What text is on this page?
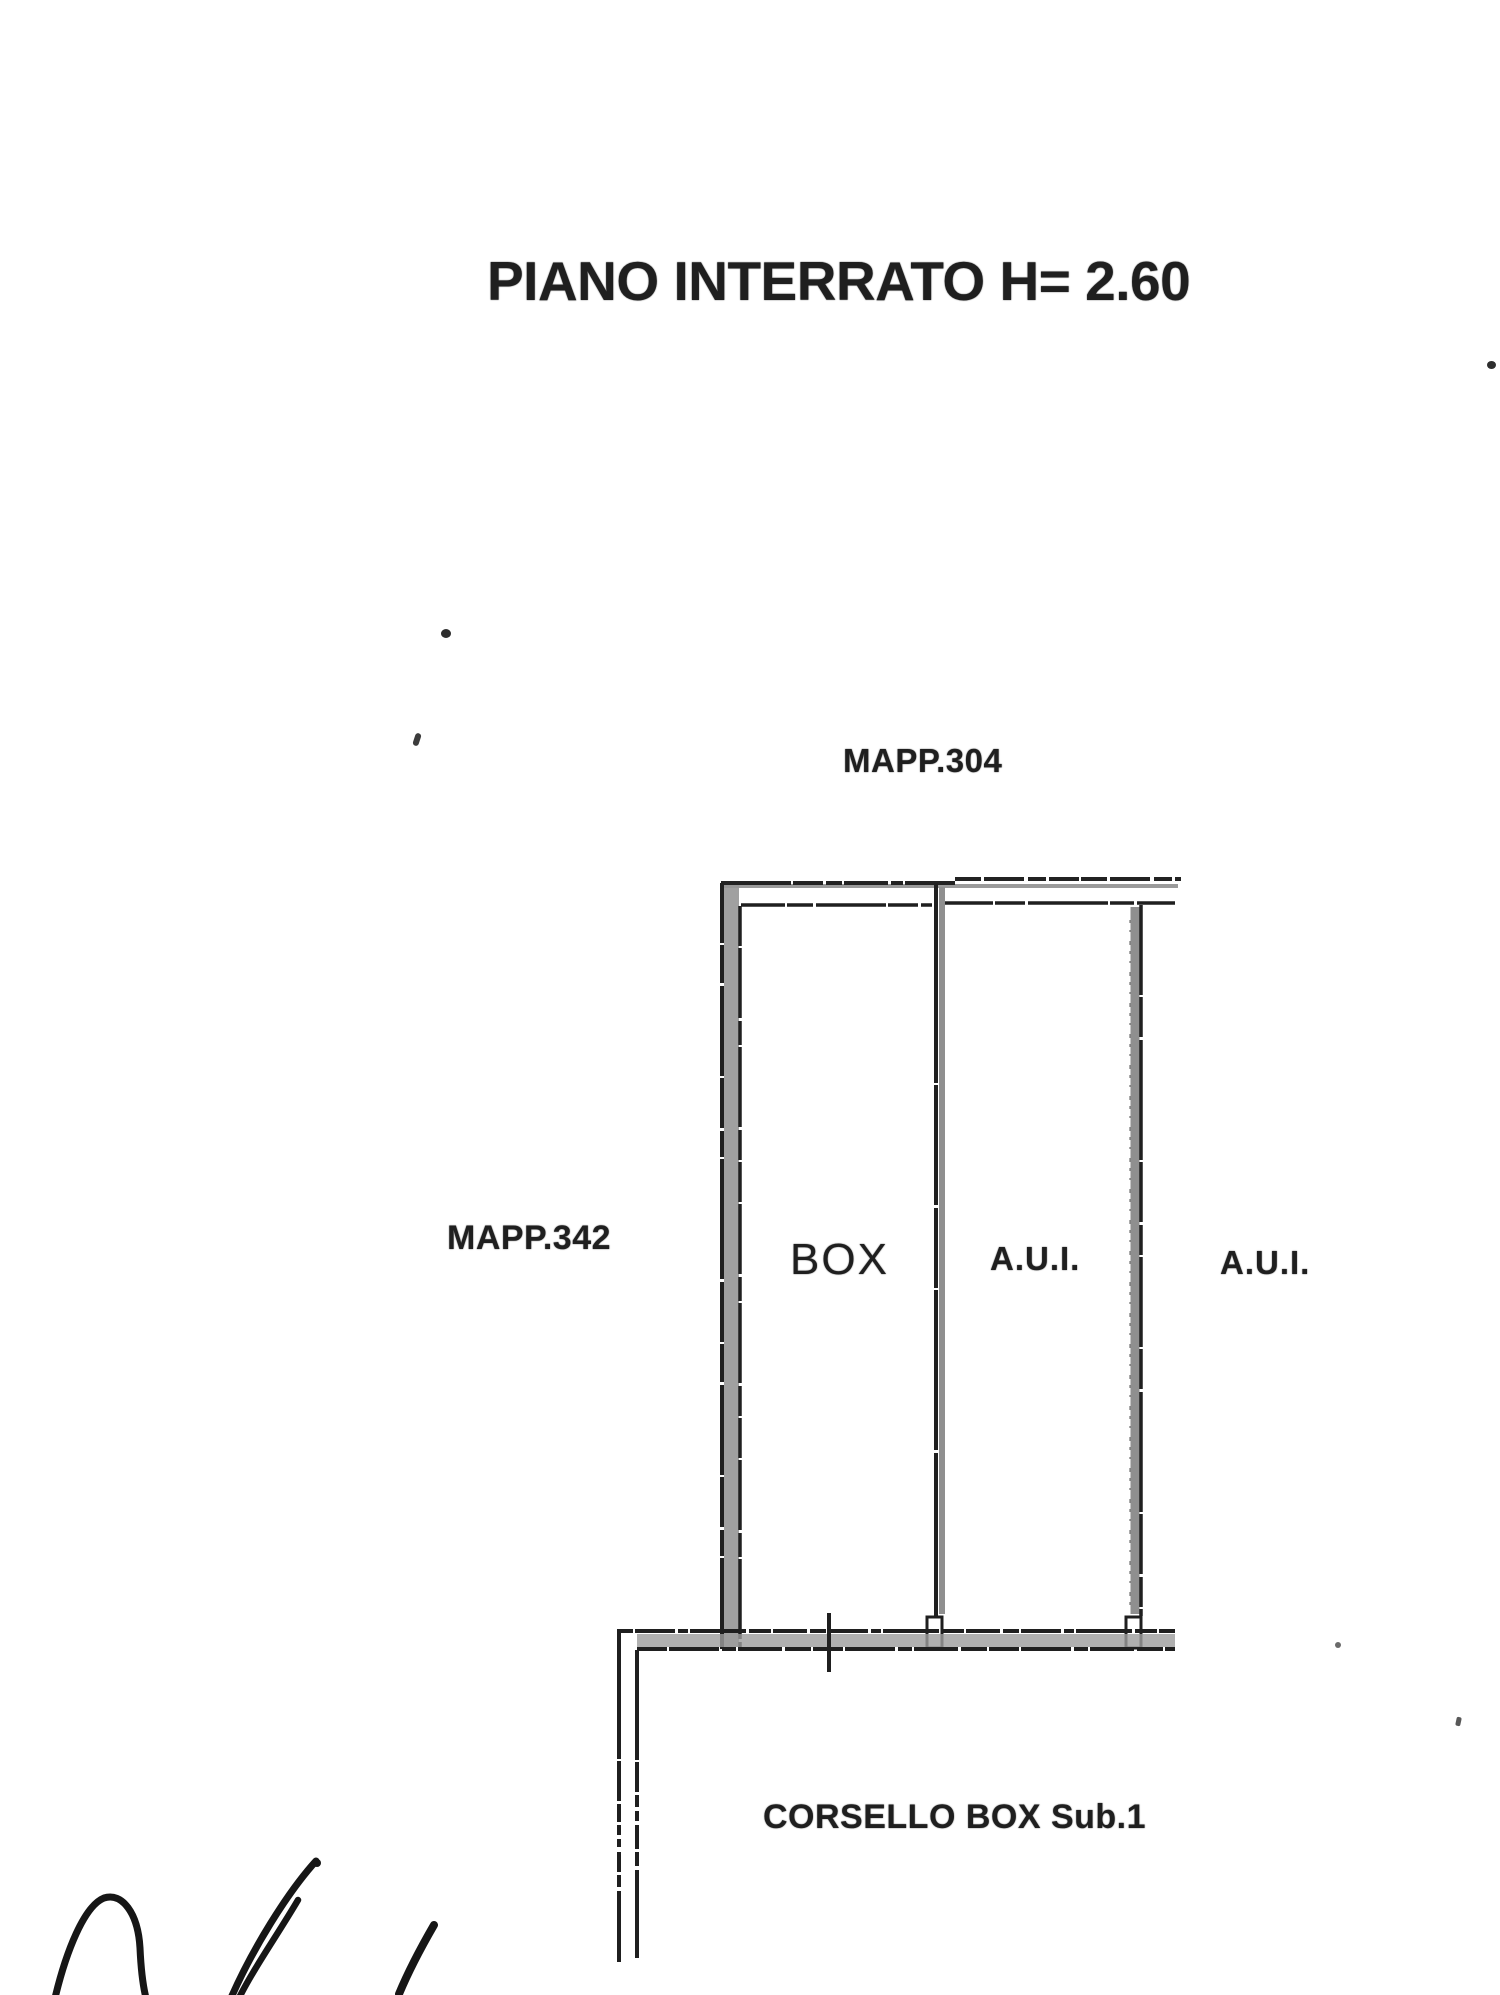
PIANO INTERRATO H= 2.60
MAPP.304
MAPP.342	BOX	A.U.I.	A.U.I.
CORSELLO BOX Sub.1
